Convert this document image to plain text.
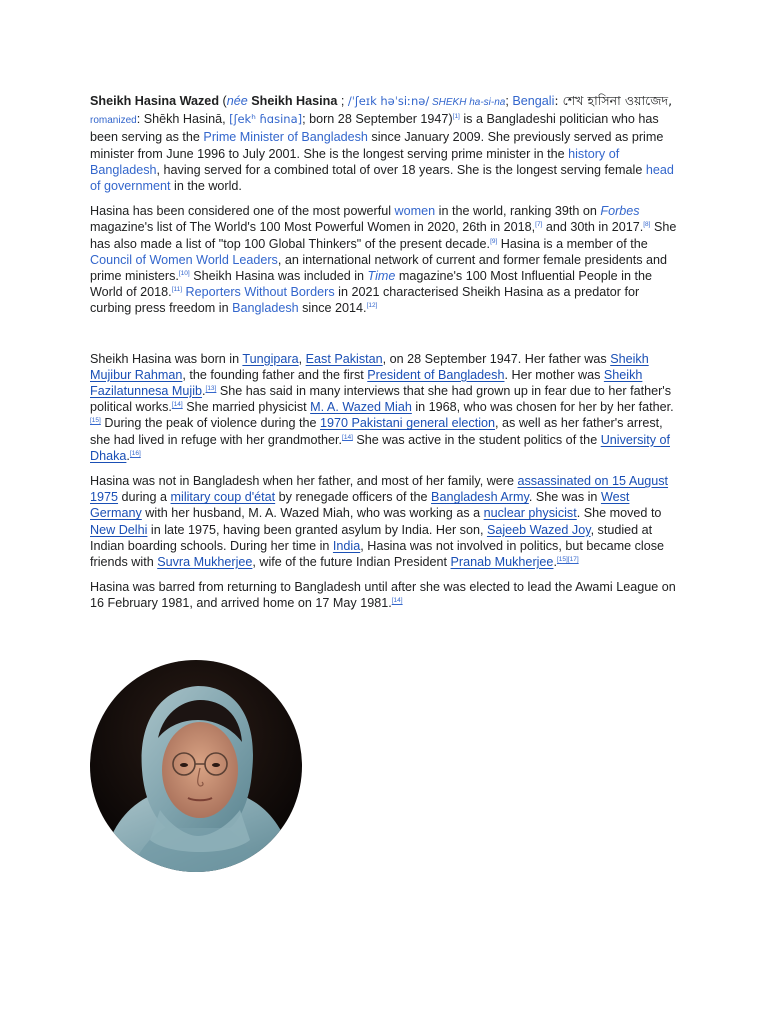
Sheikh Hasina Wazed (née Sheikh Hasina ; /ˈʃeɪk həˈsiːnə/ SHEKH ha-si-na; Bengali: শেখ হাসিনা ওয়াজেদ, romanized: Shēkh Hasinā, [ʃekʰ ɦɑsina]; born 28 September 1947)[1] is a Bangladeshi politician who has been serving as the Prime Minister of Bangladesh since January 2009. She previously served as prime minister from June 1996 to July 2001. She is the longest serving prime minister in the history of Bangladesh, having served for a combined total of over 18 years. She is the longest serving female head of government in the world.

Hasina has been considered one of the most powerful women in the world, ranking 39th on Forbes magazine's list of The World's 100 Most Powerful Women in 2020, 26th in 2018,[7] and 30th in 2017.[8] She has also made a list of "top 100 Global Thinkers" of the present decade.[9] Hasina is a member of the Council of Women World Leaders, an international network of current and former female presidents and prime ministers.[10] Sheikh Hasina was included in Time magazine's 100 Most Influential People in the World of 2018.[11] Reporters Without Borders in 2021 characterised Sheikh Hasina as a predator for curbing press freedom in Bangladesh since 2014.[12]

Sheikh Hasina was born in Tungipara, East Pakistan, on 28 September 1947. Her father was Sheikh Mujibur Rahman, the founding father and the first President of Bangladesh. Her mother was Sheikh Fazilatunnesa Mujib.[13] She has said in many interviews that she had grown up in fear due to her father's political works.[14] She married physicist M. A. Wazed Miah in 1968, who was chosen for her by her father.[15] During the peak of violence during the 1970 Pakistani general election, as well as her father's arrest, she had lived in refuge with her grandmother.[14] She was active in the student politics of the University of Dhaka.[16]

Hasina was not in Bangladesh when her father, and most of her family, were assassinated on 15 August 1975 during a military coup d'état by renegade officers of the Bangladesh Army. She was in West Germany with her husband, M. A. Wazed Miah, who was working as a nuclear physicist. She moved to New Delhi in late 1975, having been granted asylum by India. Her son, Sajeeb Wazed Joy, studied at Indian boarding schools. During her time in India, Hasina was not involved in politics, but became close friends with Suvra Mukherjee, wife of the future Indian President Pranab Mukherjee.[15][17]

Hasina was barred from returning to Bangladesh until after she was elected to lead the Awami League on 16 February 1981, and arrived home on 17 May 1981.[14]
